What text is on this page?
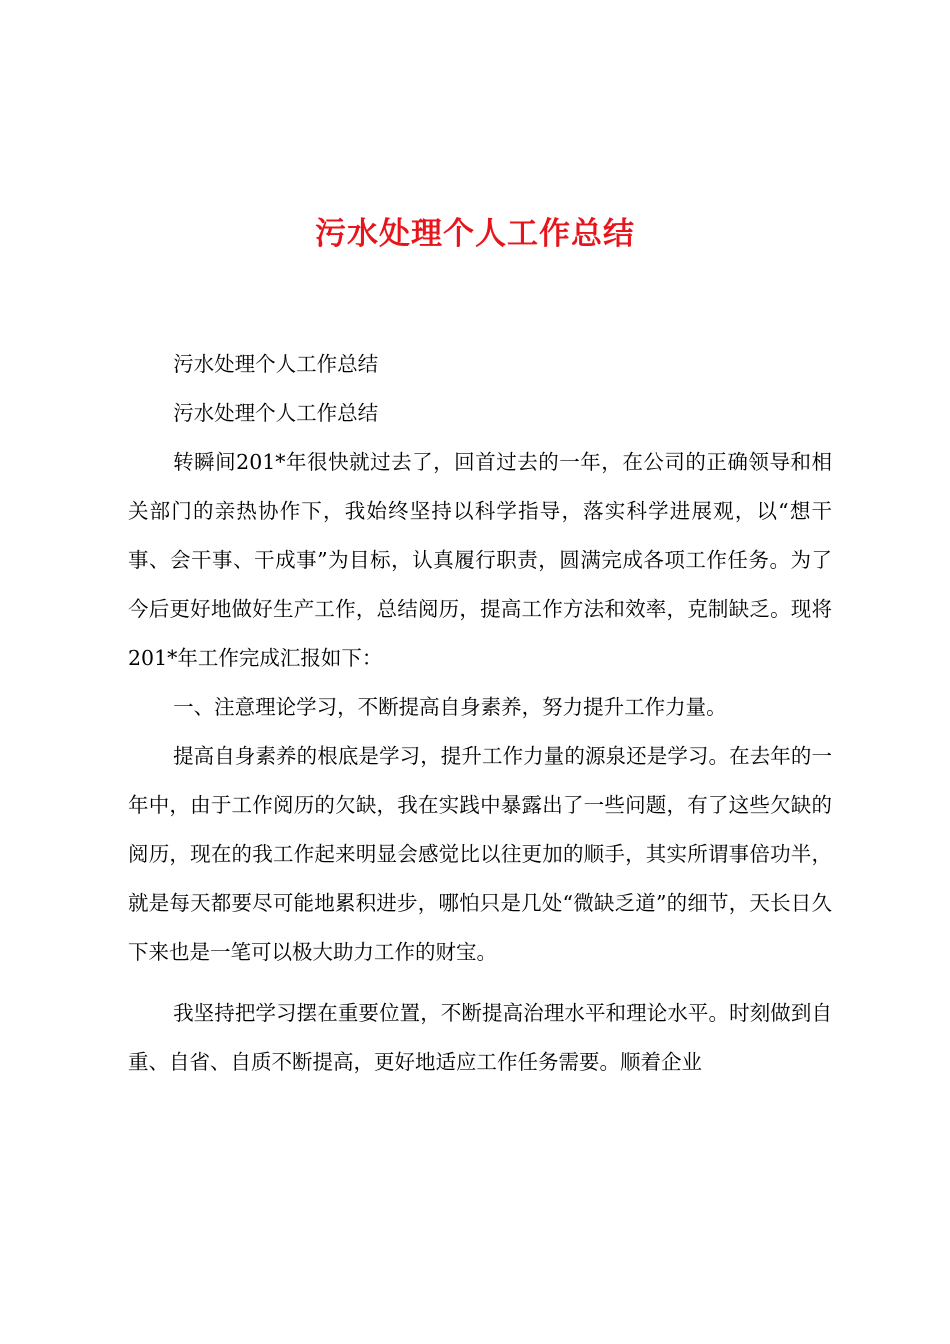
污水处理个人工作总结

污水处理个人工作总结

污水处理个人工作总结

转瞬间201*年很快就过去了，回首过去的一年，在公司的正确领导和相关部门的亲热协作下，我始终坚持以科学指导，落实科学进展观，以“想干事、会干事、干成事”为目标，认真履行职责，圆满完成各项工作任务。为了今后更好地做好生产工作，总结阅历，提高工作方法和效率，克制缺乏。现将201*年工作完成汇报如下：

一、注意理论学习，不断提高自身素养，努力提升工作力量。

提高自身素养的根底是学习，提升工作力量的源泉还是学习。在去年的一年中，由于工作阅历的欠缺，我在实践中暴露出了一些问题，有了这些欠缺的阅历，现在的我工作起来明显会感觉比以往更加的顺手，其实所谓事倍功半，就是每天都要尽可能地累积进步，哪怕只是几处“微缺乏道”的细节，天长日久下来也是一笔可以极大助力工作的财宝。

我坚持把学习摆在重要位置，不断提高治理水平和理论水平。时刻做到自重、自省、自质不断提高，更好地适应工作任务需要。顺着企业
